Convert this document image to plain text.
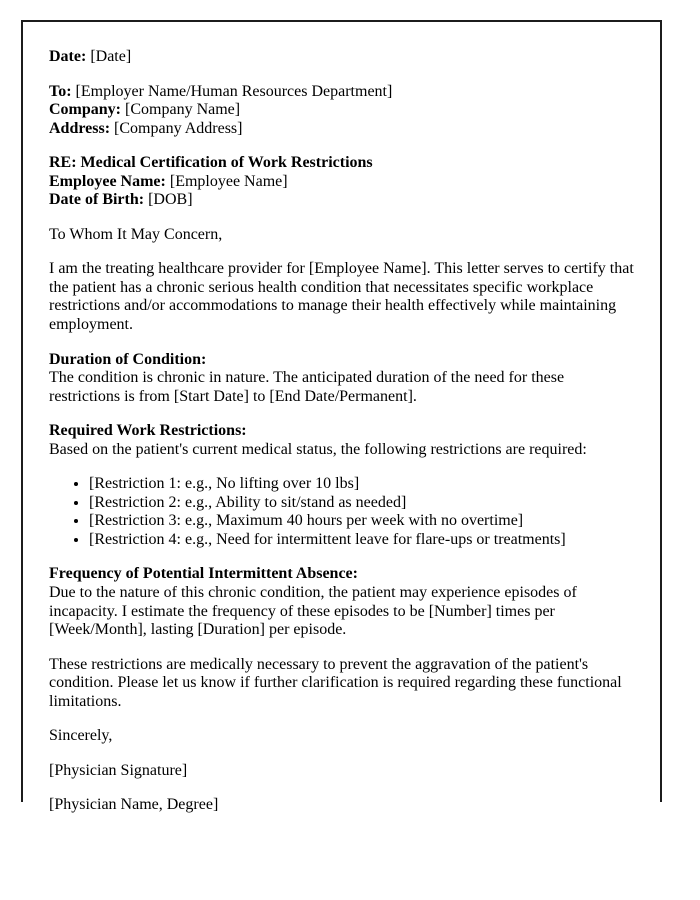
Date: [Date]

To: [Employer Name/Human Resources Department]
Company: [Company Name]
Address: [Company Address]

RE: Medical Certification of Work Restrictions
Employee Name: [Employee Name]
Date of Birth: [DOB]

To Whom It May Concern,

I am the treating healthcare provider for [Employee Name]. This letter serves to certify that the patient has a chronic serious health condition that necessitates specific workplace restrictions and/or accommodations to manage their health effectively while maintaining employment.

Duration of Condition:
The condition is chronic in nature. The anticipated duration of the need for these restrictions is from [Start Date] to [End Date/Permanent].

Required Work Restrictions:
Based on the patient's current medical status, the following restrictions are required:

• [Restriction 1: e.g., No lifting over 10 lbs]
• [Restriction 2: e.g., Ability to sit/stand as needed]
• [Restriction 3: e.g., Maximum 40 hours per week with no overtime]
• [Restriction 4: e.g., Need for intermittent leave for flare-ups or treatments]

Frequency of Potential Intermittent Absence:
Due to the nature of this chronic condition, the patient may experience episodes of incapacity. I estimate the frequency of these episodes to be [Number] times per [Week/Month], lasting [Duration] per episode.

These restrictions are medically necessary to prevent the aggravation of the patient's condition. Please let us know if further clarification is required regarding these functional limitations.

Sincerely,

[Physician Signature]

[Physician Name, Degree]
